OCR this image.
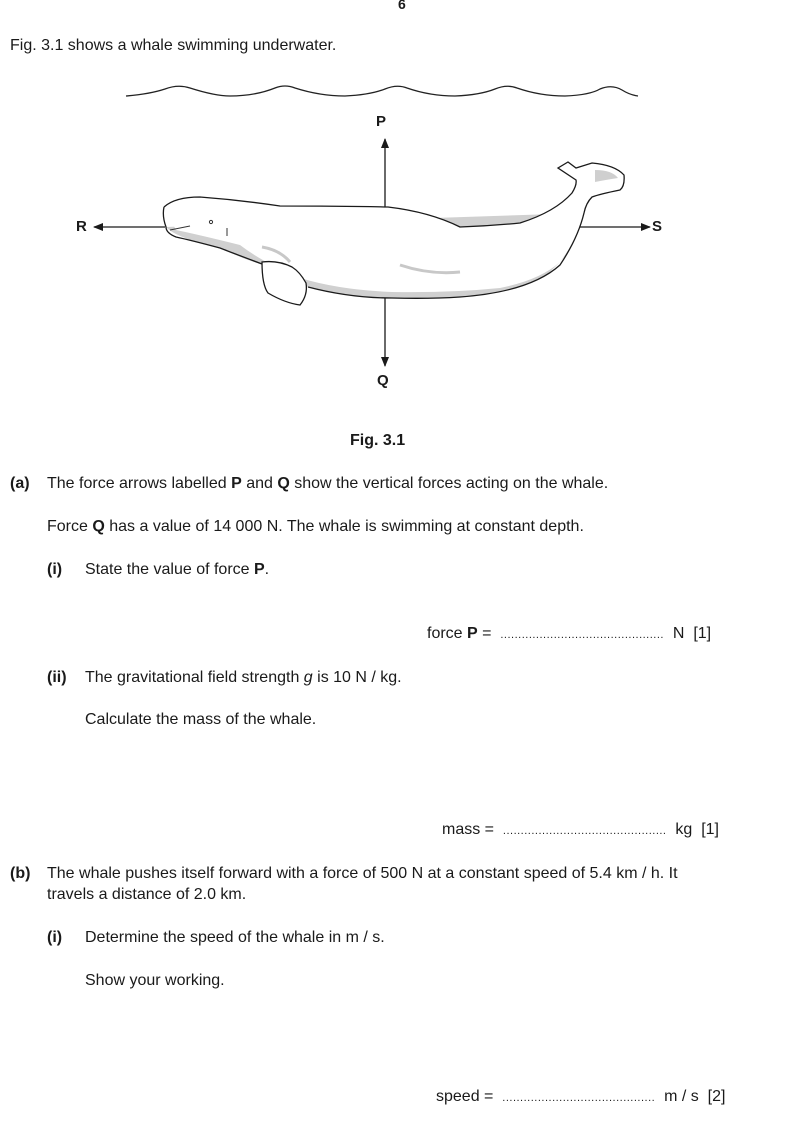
6
Fig. 3.1 shows a whale swimming underwater.
P
Q
R	S
Fig. 3.1
(a) The force arrows labelled P and Q show the vertical forces acting on the whale.
Force Q has a value of 14 000 N. The whale is swimming at constant depth.
(i) State the value of force P.
force P = .............................................. N [1]
(ii) The gravitational field strength g is 10 N / kg.
Calculate the mass of the whale.
mass = .............................................. kg [1]
(b) The whale pushes itself forward with a force of 500 N at a constant speed of 5.4 km / h. It
travels a distance of 2.0 km.
(i) Determine the speed of the whale in m / s.
Show your working.
speed = ........................................... m / s [2]
